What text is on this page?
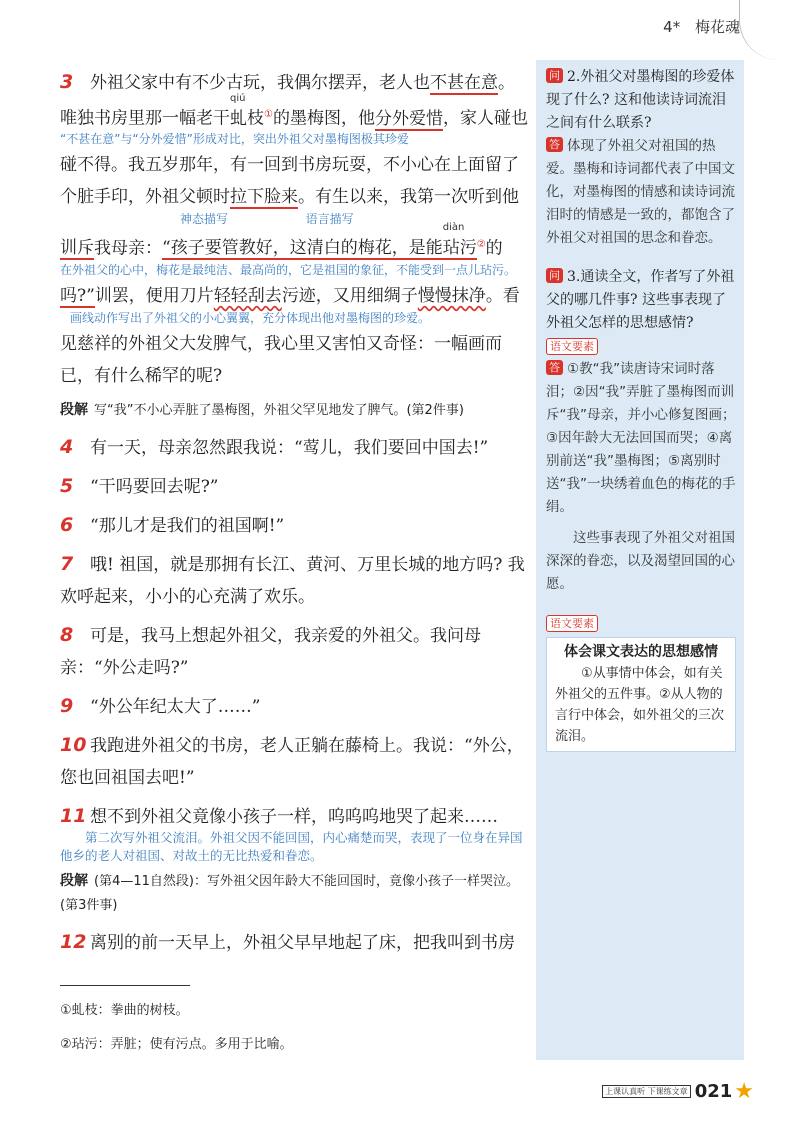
4* 梅花魂
3 外祖父家中有不少古玩，我偶尔摆弄，老人也不甚在意。唯独书房里那一幅老干
qiú
虬枝①的墨梅图，他分外爱惜，家人碰也
“不甚在意”与“分外爱惜”形成对比，突出外祖父对墨梅图极其珍爱
碰不得。我五岁那年，有一回到书房玩耍，不小心在上面留了个脏手印，外祖父顿时拉下脸来。有生以来，我第一次听到他
神态描写	语言描写
训斥我母亲：“孩子要管教好，这清白的梅花，是能
diàn
玷污②的
在外祖父的心中，梅花是最纯洁、最高尚的，它是祖国的象征，不能受到一点儿玷污。
吗?”训罢，便用刀片轻轻刮去污迹，又用细绸子慢慢抹净。看
画线动作写出了外祖父的小心翼翼，充分体现出他对墨梅图的珍爱。
见慈祥的外祖父大发脾气，我心里又害怕又奇怪：一幅画而已，有什么稀罕的呢?
段解 写“我”不小心弄脏了墨梅图，外祖父罕见地发了脾气。(第2件事)
4 有一天，母亲忽然跟我说：“莺儿，我们要回中国去!”
5 “干吗要回去呢?”
6 “那儿才是我们的祖国啊!”
7 哦! 祖国，就是那拥有长江、黄河、万里长城的地方吗? 我欢呼起来，小小的心充满了欢乐。
8 可是，我马上想起外祖父，我亲爱的外祖父。我问母亲：“外公走吗?”
9 “外公年纪太大了……”
10 我跑进外祖父的书房，老人正躺在藤椅上。我说：“外公，您也回祖国去吧!”
11 想不到外祖父竟像小孩子一样，呜呜呜地哭了起来……
第二次写外祖父流泪。外祖父因不能回国，内心痛楚而哭，表现了一位身在异国他乡的老人对祖国、对故土的无比热爱和眷恋。
段解 (第4—11自然段)：写外祖父因年龄大不能回国时，竟像小孩子一样哭泣。(第3件事)
12 离别的前一天早上，外祖父早早地起了床，把我叫到书房
①虬枝：拳曲的树枝。
②玷污：弄脏；使有污点。多用于比喻。
问 2.外祖父对墨梅图的珍爱体现了什么? 这和他读诗词流泪之间有什么联系?
答 体现了外祖父对祖国的热爱。墨梅和诗词都代表了中国文化，对墨梅图的情感和读诗词流泪时的情感是一致的，都饱含了外祖父对祖国的思念和眷恋。
问 3.通读全文，作者写了外祖父的哪几件事? 这些事表现了外祖父怎样的思想感情?语文要素
答 ①教“我”读唐诗宋词时落泪；②因“我”弄脏了墨梅图而训斥“我”母亲，并小心修复图画；③因年龄大无法回国而哭；④离别前送“我”墨梅图；⑤离别时送“我”一块绣着血色的梅花的手绢。
这些事表现了外祖父对祖国深深的眷恋，以及渴望回国的心愿。
语文要素
体会课文表达的思想感情
①从事情中体会，如有关外祖父的五件事。②从人物的言行中体会，如外祖父的三次流泪。
上课认真听 下课练文章 021 ★
